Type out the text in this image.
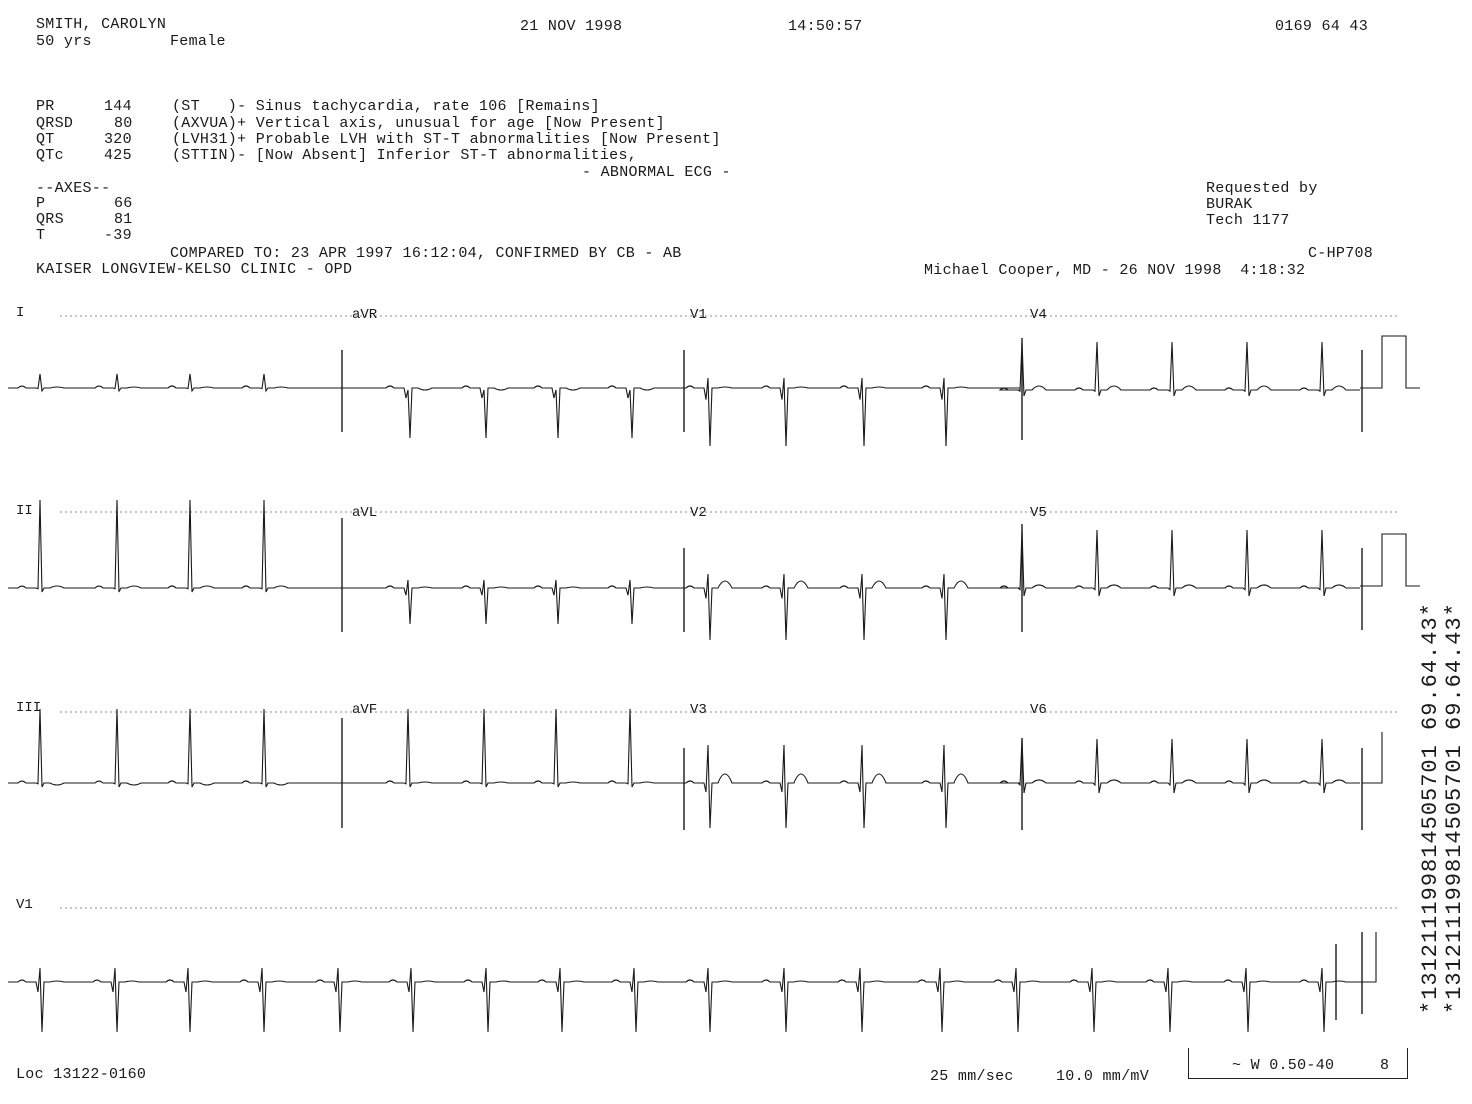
SMITH, CAROLYN
50 yrs	Female
21 NOV 1998	14:50:57	0169 64 43
PR	144
QRSD	80
QT	320
QTc	425
(ST   )- Sinus tachycardia, rate 106 [Remains]
(AXVUA)+ Vertical axis, unusual for age [Now Present]
(LVH31)+ Probable LVH with ST-T abnormalities [Now Present]
(STTIN)- [Now Absent] Inferior ST-T abnormalities,
- ABNORMAL ECG -
--AXES--
P	66
QRS	81
T	-39
Requested by
BURAK
Tech 1177
COMPARED TO: 23 APR 1997 16:12:04, CONFIRMED BY CB - AB
KAISER LONGVIEW-KELSO CLINIC - OPD
C-HP708
Michael Cooper, MD - 26 NOV 1998  4:18:32
I	aVR	V1	V4
II	aVL	V2	V5
III	aVF	V3	V6
V1	*131211199814505701 69.64.43* *131211199814505701 69.64.43*
Loc 13122-0160	25 mm/sec	10.0 mm/mV
~ W 0.50-40	8
